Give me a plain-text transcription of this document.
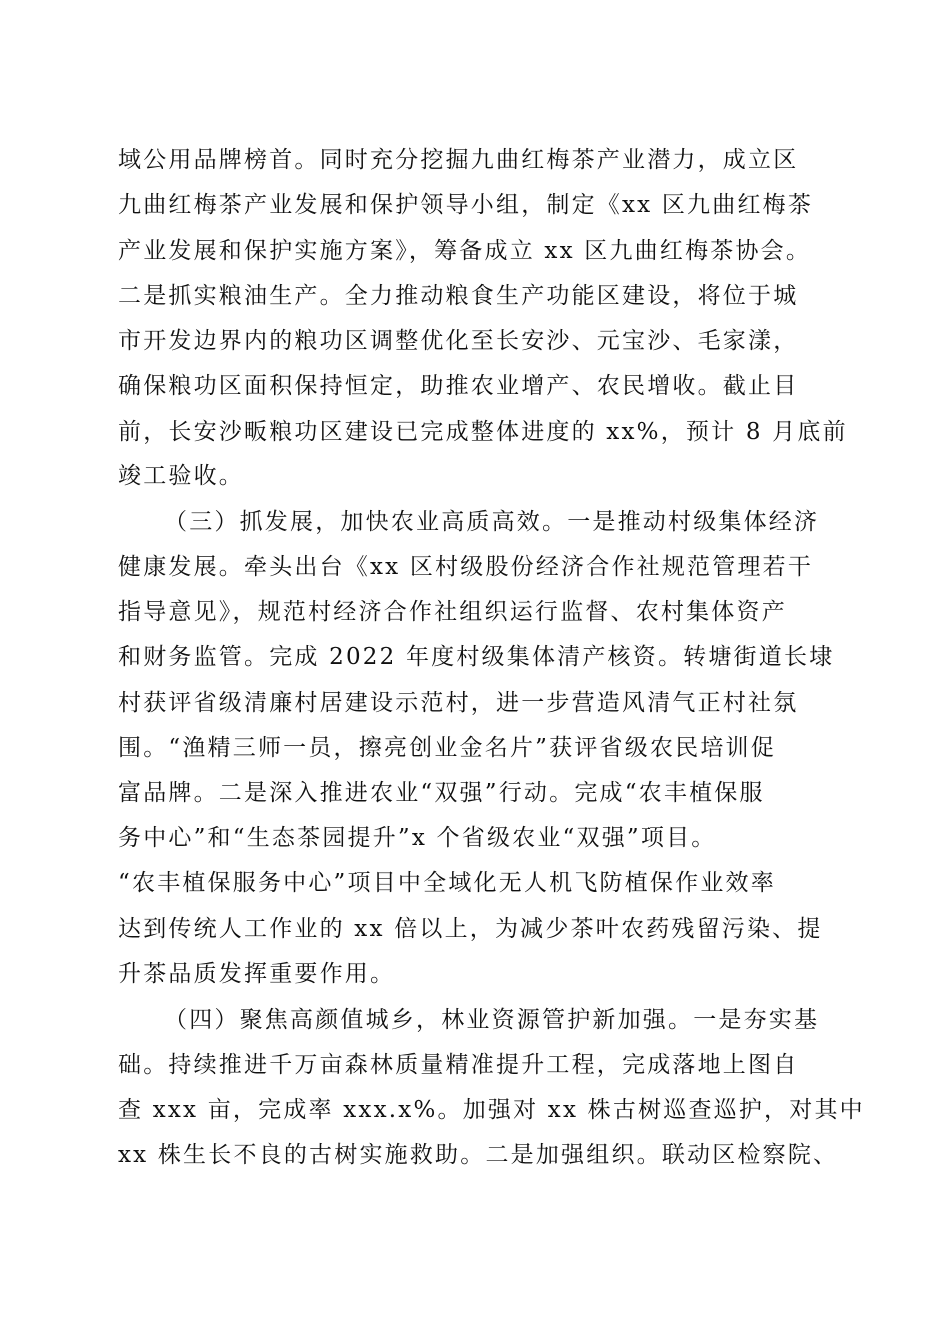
域公用品牌榜首。同时充分挖掘九曲红梅茶产业潜力，成立区
九曲红梅茶产业发展和保护领导小组，制定《xx 区九曲红梅茶
产业发展和保护实施方案》，筹备成立 xx 区九曲红梅茶协会。
二是抓实粮油生产。全力推动粮食生产功能区建设，将位于城
市开发边界内的粮功区调整优化至长安沙、元宝沙、毛家漾，
确保粮功区面积保持恒定，助推农业增产、农民增收。截止目
前，长安沙畈粮功区建设已完成整体进度的 xx%，预计 8 月底前
竣工验收。
（三）抓发展，加快农业高质高效。一是推动村级集体经济
健康发展。牵头出台《xx 区村级股份经济合作社规范管理若干
指导意见》，规范村经济合作社组织运行监督、农村集体资产
和财务监管。完成 2022 年度村级集体清产核资。转塘街道长埭
村获评省级清廉村居建设示范村，进一步营造风清气正村社氛
围。“渔精三师一员，擦亮创业金名片”获评省级农民培训促
富品牌。二是深入推进农业“双强”行动。完成“农丰植保服
务中心”和“生态茶园提升”x 个省级农业“双强”项目。
“农丰植保服务中心”项目中全域化无人机飞防植保作业效率
达到传统人工作业的 xx 倍以上，为减少茶叶农药残留污染、提
升茶品质发挥重要作用。
（四）聚焦高颜值城乡，林业资源管护新加强。一是夯实基
础。持续推进千万亩森林质量精准提升工程，完成落地上图自
查 xxx 亩，完成率 xxx.x%。加强对 xx 株古树巡查巡护，对其中
xx 株生长不良的古树实施救助。二是加强组织。联动区检察院、
